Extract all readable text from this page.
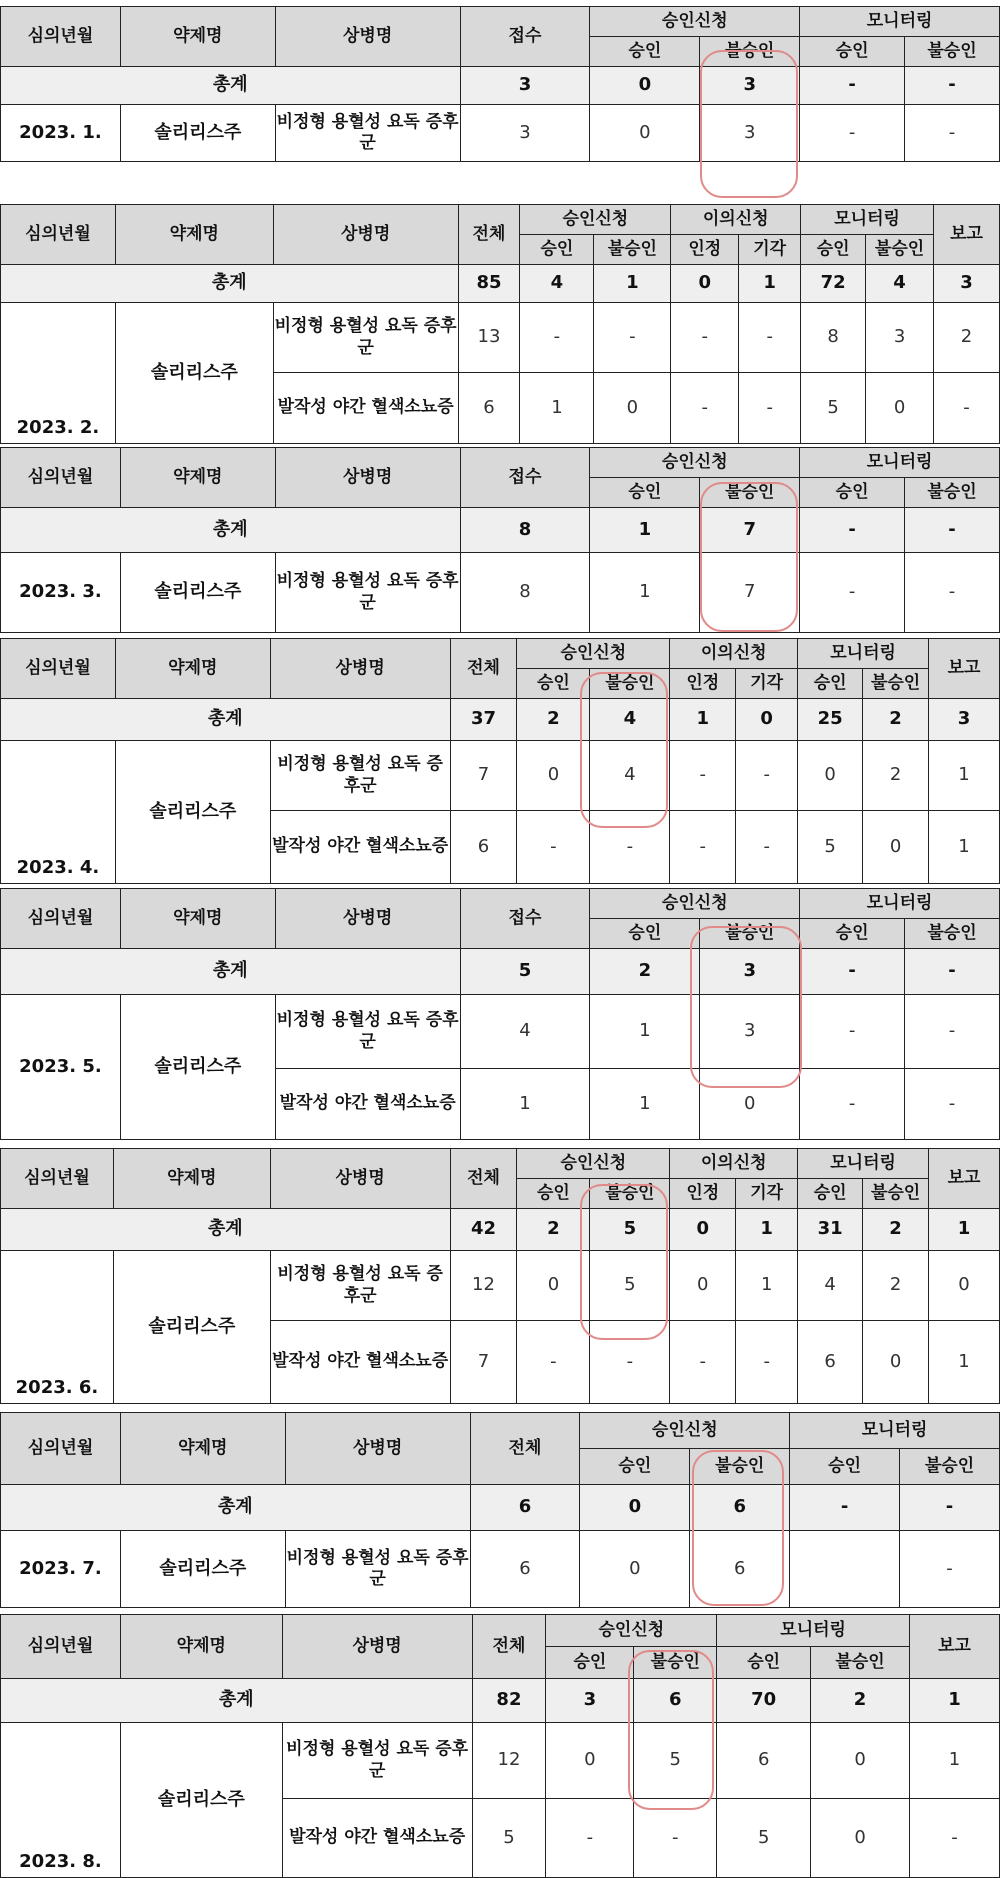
심의년월	약제명	상병명	접수	승인신청		모니터링	
				승인	불승인	승인	불승인
총계			3	0	3	-	-
2023. 1.	솔리리스주	비정형 용혈성 요독 증후군	3	0	3	-	-
심의년월	약제명	상병명	전체	승인신청		이의신청		모니터링		보고
				승인	불승인	인정	기각	승인	불승인	
총계			85	4	1	0	1	72	4	3
2023. 2.	솔리리스주	비정형 용혈성 요독 증후군	13	-	-	-	-	8	3	2
		발작성 야간 혈색소뇨증	6	1	0	-	-	5	0	-
심의년월	약제명	상병명	접수	승인신청		모니터링	
				승인	불승인	승인	불승인
총계			8	1	7	-	-
2023. 3.	솔리리스주	비정형 용혈성 요독 증후군	8	1	7	-	-
심의년월	약제명	상병명	전체	승인신청		이의신청		모니터링		보고
				승인	불승인	인정	기각	승인	불승인	
총계			37	2	4	1	0	25	2	3
2023. 4.	솔리리스주	비정형 용혈성 요독 증후군	7	0	4	-	-	0	2	1
		발작성 야간 혈색소뇨증	6	-	-	-	-	5	0	1
심의년월	약제명	상병명	접수	승인신청		모니터링	
				승인	불승인	승인	불승인
총계			5	2	3	-	-
2023. 5.	솔리리스주	비정형 용혈성 요독 증후군	4	1	3	-	-
		발작성 야간 혈색소뇨증	1	1	0	-	-
심의년월	약제명	상병명	전체	승인신청		이의신청		모니터링		보고
				승인	불승인	인정	기각	승인	불승인	
총계			42	2	5	0	1	31	2	1
2023. 6.	솔리리스주	비정형 용혈성 요독 증후군	12	0	5	0	1	4	2	0
		발작성 야간 혈색소뇨증	7	-	-	-	-	6	0	1
심의년월	약제명	상병명	전체	승인신청		모니터링	
				승인	불승인	승인	불승인
총계			6	0	6	-	-
2023. 7.	솔리리스주	비정형 용혈성 요독 증후군	6	0	6		-
심의년월	약제명	상병명	전체	승인신청		모니터링		보고
				승인	불승인	승인	불승인	
총계			82	3	6	70	2	1
2023. 8.	솔리리스주	비정형 용혈성 요독 증후군	12	0	5	6	0	1
		발작성 야간 혈색소뇨증	5	-	-	5	0	-
